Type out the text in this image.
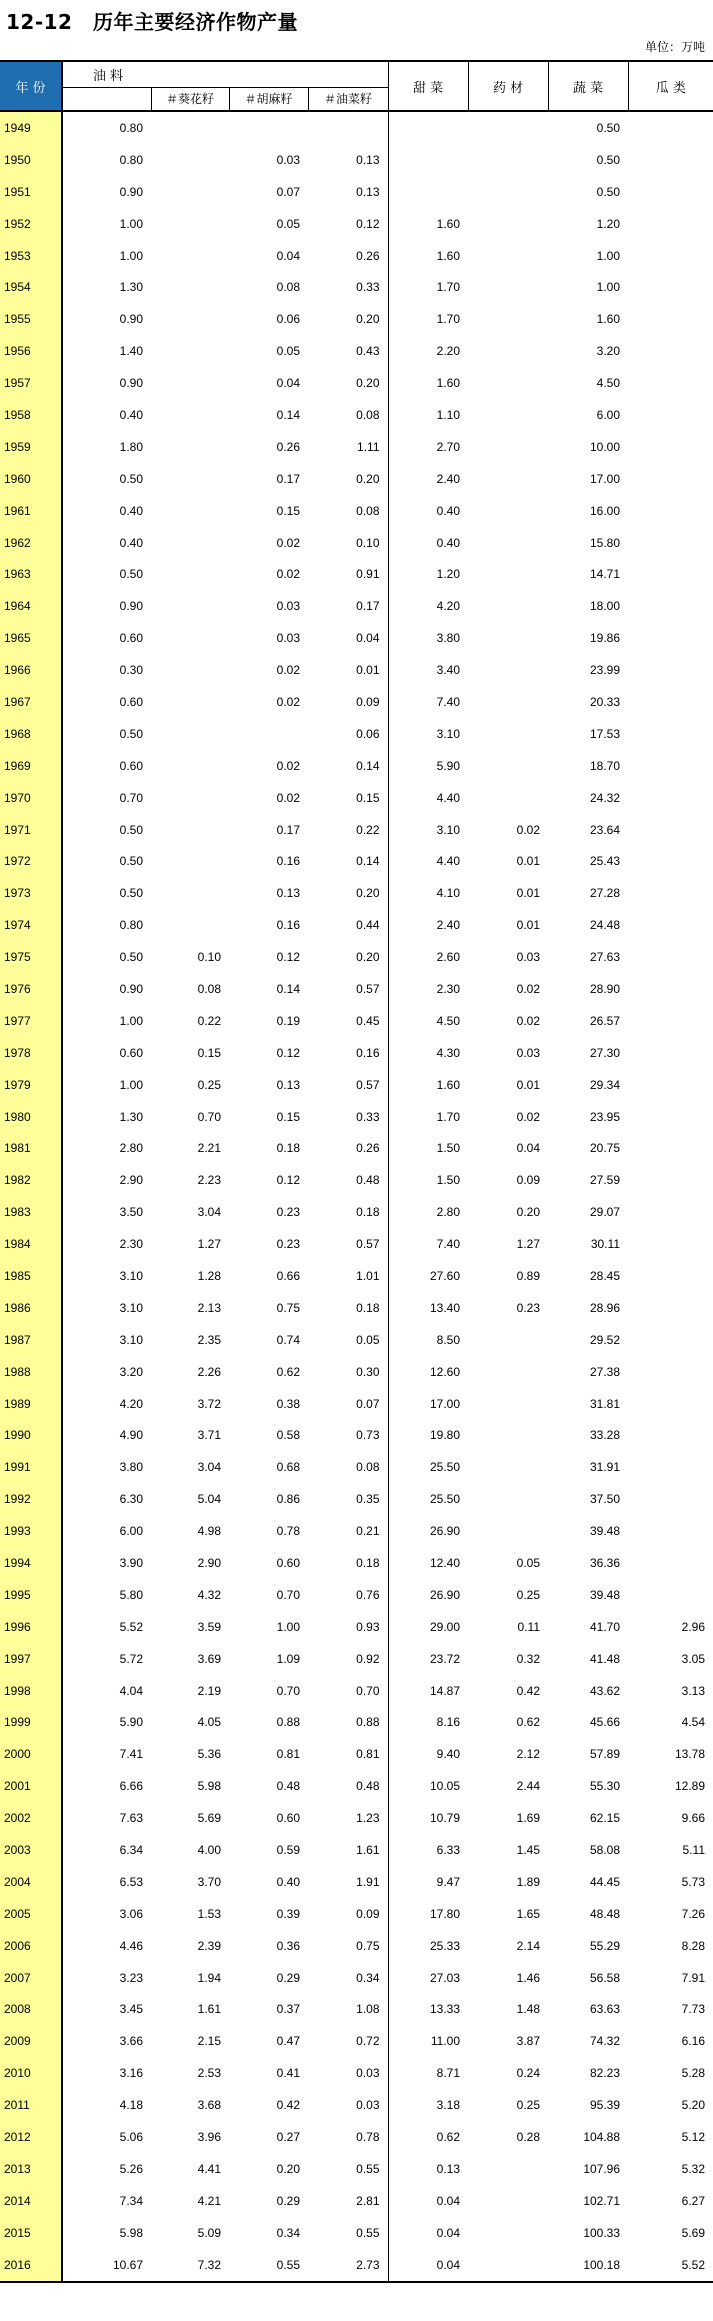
12-12　历年主要经济作物产量
单位：万吨
年 份	油 料				甜 菜	药 材	蔬 菜	瓜 类
		＃葵花籽	＃胡麻籽	＃油菜籽				
1949	0.80						0.50	
1950	0.80		0.03	0.13			0.50	
1951	0.90		0.07	0.13			0.50	
1952	1.00		0.05	0.12	1.60		1.20	
1953	1.00		0.04	0.26	1.60		1.00	
1954	1.30		0.08	0.33	1.70		1.00	
1955	0.90		0.06	0.20	1.70		1.60	
1956	1.40		0.05	0.43	2.20		3.20	
1957	0.90		0.04	0.20	1.60		4.50	
1958	0.40		0.14	0.08	1.10		6.00	
1959	1.80		0.26	1.11	2.70		10.00	
1960	0.50		0.17	0.20	2.40		17.00	
1961	0.40		0.15	0.08	0.40		16.00	
1962	0.40		0.02	0.10	0.40		15.80	
1963	0.50		0.02	0.91	1.20		14.71	
1964	0.90		0.03	0.17	4.20		18.00	
1965	0.60		0.03	0.04	3.80		19.86	
1966	0.30		0.02	0.01	3.40		23.99	
1967	0.60		0.02	0.09	7.40		20.33	
1968	0.50			0.06	3.10		17.53	
1969	0.60		0.02	0.14	5.90		18.70	
1970	0.70		0.02	0.15	4.40		24.32	
1971	0.50		0.17	0.22	3.10	0.02	23.64	
1972	0.50		0.16	0.14	4.40	0.01	25.43	
1973	0.50		0.13	0.20	4.10	0.01	27.28	
1974	0.80		0.16	0.44	2.40	0.01	24.48	
1975	0.50	0.10	0.12	0.20	2.60	0.03	27.63	
1976	0.90	0.08	0.14	0.57	2.30	0.02	28.90	
1977	1.00	0.22	0.19	0.45	4.50	0.02	26.57	
1978	0.60	0.15	0.12	0.16	4.30	0.03	27.30	
1979	1.00	0.25	0.13	0.57	1.60	0.01	29.34	
1980	1.30	0.70	0.15	0.33	1.70	0.02	23.95	
1981	2.80	2.21	0.18	0.26	1.50	0.04	20.75	
1982	2.90	2.23	0.12	0.48	1.50	0.09	27.59	
1983	3.50	3.04	0.23	0.18	2.80	0.20	29.07	
1984	2.30	1.27	0.23	0.57	7.40	1.27	30.11	
1985	3.10	1.28	0.66	1.01	27.60	0.89	28.45	
1986	3.10	2.13	0.75	0.18	13.40	0.23	28.96	
1987	3.10	2.35	0.74	0.05	8.50		29.52	
1988	3.20	2.26	0.62	0.30	12.60		27.38	
1989	4.20	3.72	0.38	0.07	17.00		31.81	
1990	4.90	3.71	0.58	0.73	19.80		33.28	
1991	3.80	3.04	0.68	0.08	25.50		31.91	
1992	6.30	5.04	0.86	0.35	25.50		37.50	
1993	6.00	4.98	0.78	0.21	26.90		39.48	
1994	3.90	2.90	0.60	0.18	12.40	0.05	36.36	
1995	5.80	4.32	0.70	0.76	26.90	0.25	39.48	
1996	5.52	3.59	1.00	0.93	29.00	0.11	41.70	2.96
1997	5.72	3.69	1.09	0.92	23.72	0.32	41.48	3.05
1998	4.04	2.19	0.70	0.70	14.87	0.42	43.62	3.13
1999	5.90	4.05	0.88	0.88	8.16	0.62	45.66	4.54
2000	7.41	5.36	0.81	0.81	9.40	2.12	57.89	13.78
2001	6.66	5.98	0.48	0.48	10.05	2.44	55.30	12.89
2002	7.63	5.69	0.60	1.23	10.79	1.69	62.15	9.66
2003	6.34	4.00	0.59	1.61	6.33	1.45	58.08	5.11
2004	6.53	3.70	0.40	1.91	9.47	1.89	44.45	5.73
2005	3.06	1.53	0.39	0.09	17.80	1.65	48.48	7.26
2006	4.46	2.39	0.36	0.75	25.33	2.14	55.29	8.28
2007	3.23	1.94	0.29	0.34	27.03	1.46	56.58	7.91
2008	3.45	1.61	0.37	1.08	13.33	1.48	63.63	7.73
2009	3.66	2.15	0.47	0.72	11.00	3.87	74.32	6.16
2010	3.16	2.53	0.41	0.03	8.71	0.24	82.23	5.28
2011	4.18	3.68	0.42	0.03	3.18	0.25	95.39	5.20
2012	5.06	3.96	0.27	0.78	0.62	0.28	104.88	5.12
2013	5.26	4.41	0.20	0.55	0.13		107.96	5.32
2014	7.34	4.21	0.29	2.81	0.04		102.71	6.27
2015	5.98	5.09	0.34	0.55	0.04		100.33	5.69
2016	10.67	7.32	0.55	2.73	0.04		100.18	5.52
